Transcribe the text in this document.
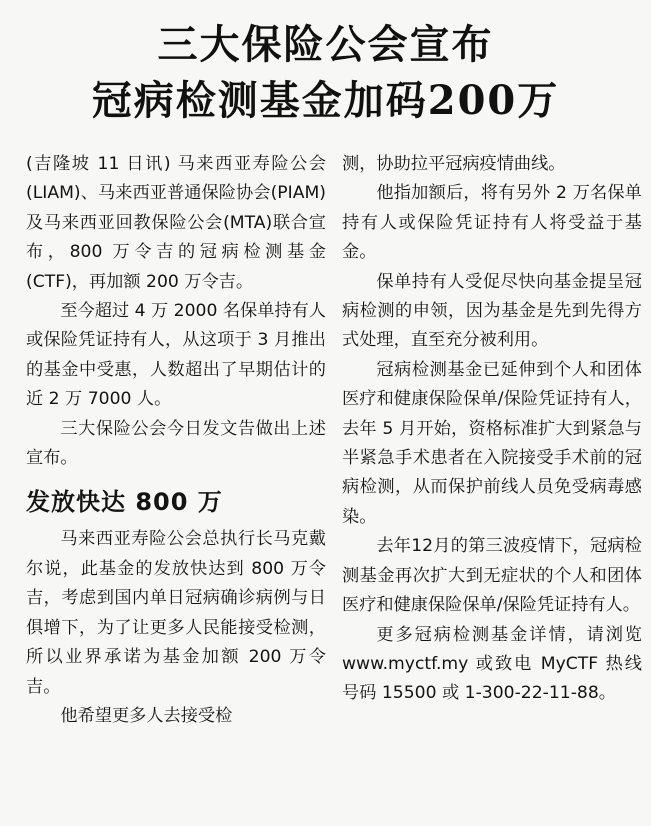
三大保险公会宣布
冠病检测基金加码200万

(吉隆坡 11 日讯) 马来西亚寿险公会(LIAM)、马来西亚普通保险协会(PIAM)及马来西亚回教保险公会(MTA)联合宣布，800 万令吉的冠病检测基金(CTF)，再加额 200 万令吉。

至今超过 4 万 2000 名保单持有人或保险凭证持有人，从这项于 3 月推出的基金中受惠，人数超出了早期估计的近 2 万 7000 人。

三大保险公会今日发文告做出上述宣布。

发放快达 800 万

马来西亚寿险公会总执行长马克戴尔说，此基金的发放快达到 800 万令吉，考虑到国内单日冠病确诊病例与日俱增下，为了让更多人民能接受检测，所以业界承诺为基金加额 200 万令吉。

他希望更多人去接受检

测，协助拉平冠病疫情曲线。

他指加额后，将有另外 2 万名保单持有人或保险凭证持有人将受益于基金。

保单持有人受促尽快向基金提呈冠病检测的申领，因为基金是先到先得方式处理，直至充分被利用。

冠病检测基金已延伸到个人和团体医疗和健康保险保单/保险凭证持有人，去年 5 月开始，资格标准扩大到紧急与半紧急手术患者在入院接受手术前的冠病检测，从而保护前线人员免受病毒感染。

去年12月的第三波疫情下，冠病检测基金再次扩大到无症状的个人和团体医疗和健康保险保单/保险凭证持有人。

更多冠病检测基金详情，请浏览 www.myctf.my 或致电 MyCTF 热线号码 15500 或 1-300-22-11-88。
